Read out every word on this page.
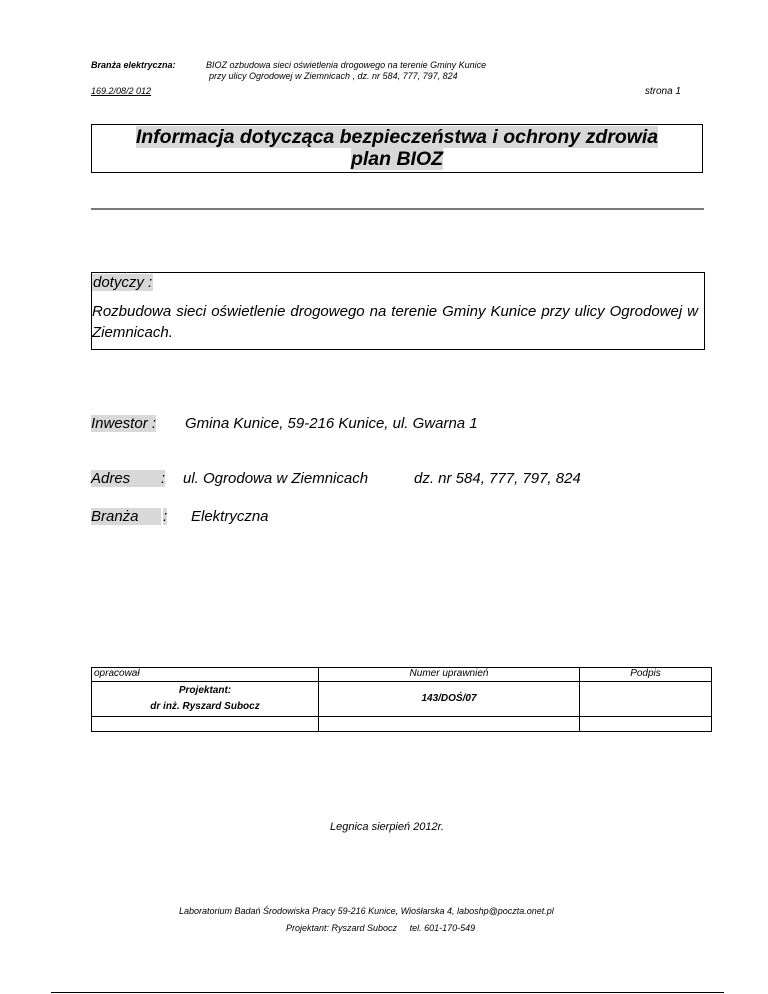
Branża elektryczna:	BIOZ ozbudowa sieci oświetlenia drogowego na terenie Gminy Kunice
przy ulicy Ogrodowej w Ziemnicach , dz. nr 584, 777, 797, 824
169.2/08/2 012	strona 1
Informacja dotycząca bezpieczeństwa i ochrony zdrowia
plan BIOZ
dotyczy :
Rozbudowa sieci oświetlenie drogowego na terenie Gminy Kunice przy ulicy Ogrodowej w Ziemnicach.
Inwestor : Gmina Kunice, 59-216 Kunice, ul. Gwarna 1
Adres	: ul. Ogrodowa w Ziemnicach	dz. nr 584, 777, 797, 824
Branża	: Elektryczna
opracował	Numer uprawnień	Podpis

Projektant:
dr inż. Ryszard Subocz	143/DOŚ/07	

Legnica sierpień 2012r.
Laboratorium Badań Środowiska Pracy 59-216 Kunice, Wiośłarska 4, laboshp@poczta.onet.pl
Projektant: Ryszard Subocz tel. 601-170-549
